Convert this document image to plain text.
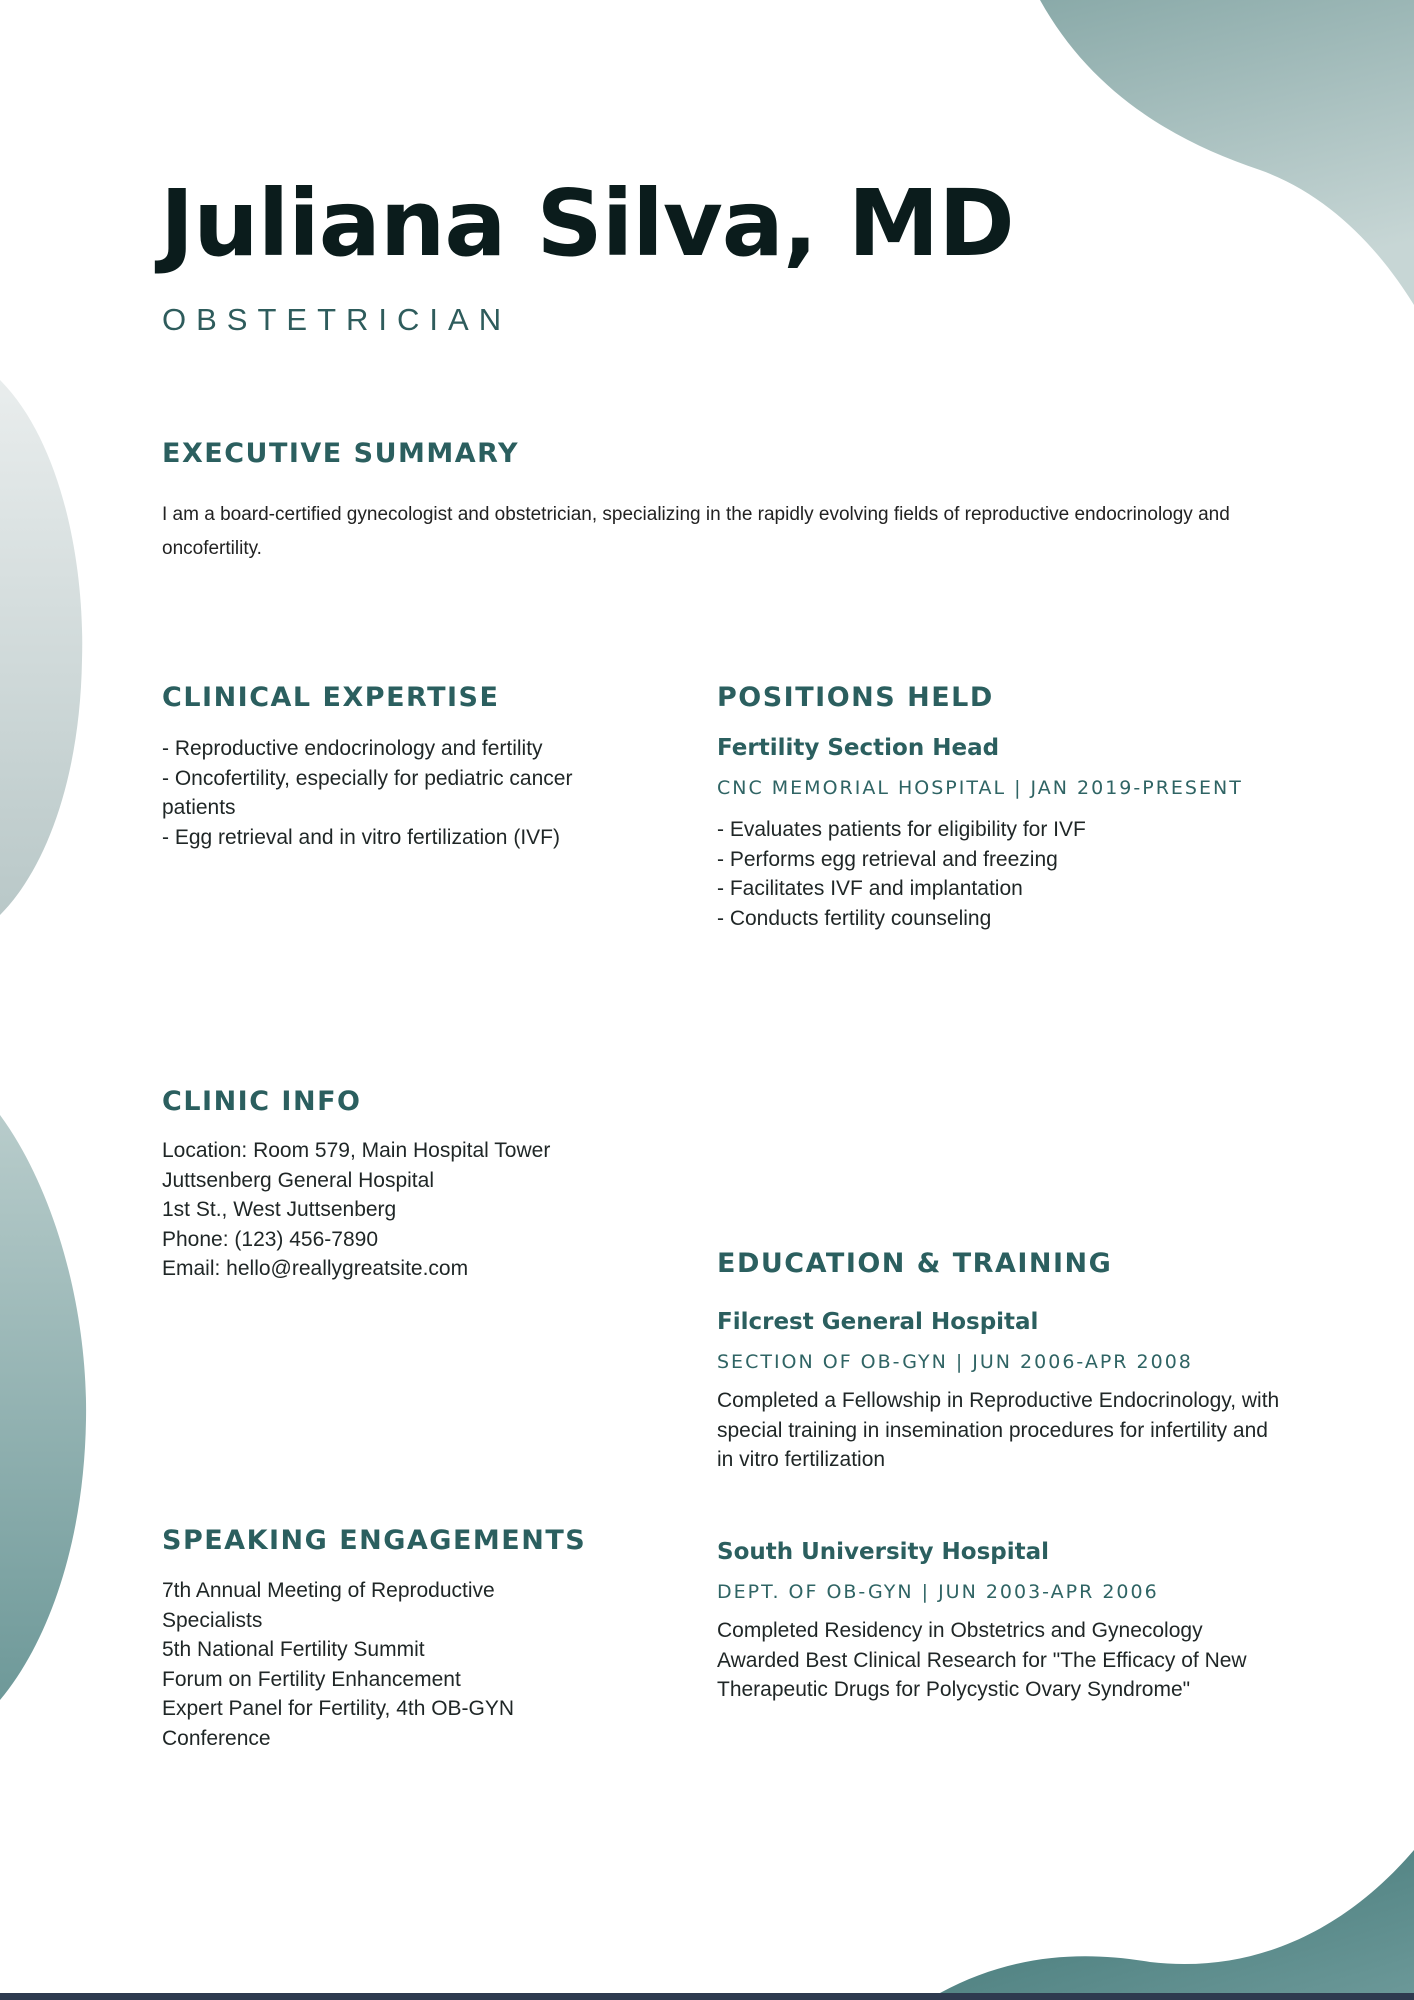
Juliana Silva, MD

OBSTETRICIAN

EXECUTIVE SUMMARY

I am a board-certified gynecologist and obstetrician, specializing in the rapidly evolving fields of reproductive endocrinology and oncofertility.

CLINICAL EXPERTISE
- Reproductive endocrinology and fertility
- Oncofertility, especially for pediatric cancer patients
- Egg retrieval and in vitro fertilization (IVF)
POSITIONS HELD
Fertility Section Head

CNC MEMORIAL HOSPITAL | JAN 2019-PRESENT

- Evaluates patients for eligibility for IVF
- Performs egg retrieval and freezing
- Facilitates IVF and implantation
- Conducts fertility counseling
CLINIC INFO
Location: Room 579, Main Hospital Tower
Juttsenberg General Hospital
1st St., West Juttsenberg
Phone: (123) 456-7890
Email: hello@reallygreatsite.com	EDUCATION & TRAINING
Filcrest General Hospital

SECTION OF OB-GYN | JUN 2006-APR 2008

Completed a Fellowship in Reproductive Endocrinology, with special training in insemination procedures for infertility and in vitro fertilization

South University Hospital

DEPT. OF OB-GYN | JUN 2003-APR 2006

Completed Residency in Obstetrics and Gynecology
Awarded Best Clinical Research for "The Efficacy of New Therapeutic Drugs for Polycystic Ovary Syndrome"
SPEAKING ENGAGEMENTS
7th Annual Meeting of Reproductive Specialists
5th National Fertility Summit
Forum on Fertility Enhancement
Expert Panel for Fertility, 4th OB-GYN Conference
